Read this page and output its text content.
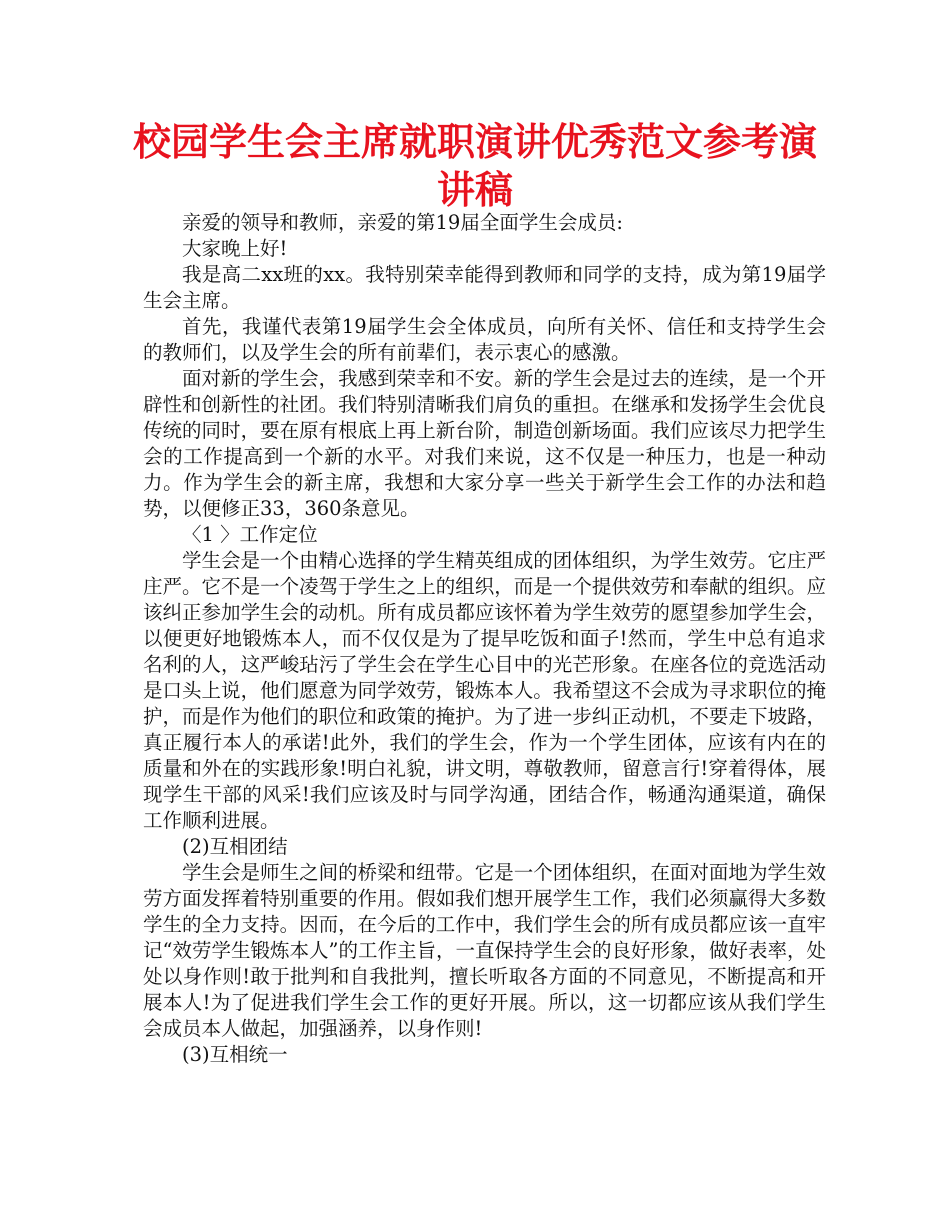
校园学生会主席就职演讲优秀范文参考演讲稿

亲爱的领导和教师，亲爱的第19届全面学生会成员:

大家晚上好!

我是高二xx班的xx。我特别荣幸能得到教师和同学的支持，成为第19届学生会主席。

首先，我谨代表第19届学生会全体成员，向所有关怀、信任和支持学生会的教师们，以及学生会的所有前辈们，表示衷心的感激。

面对新的学生会，我感到荣幸和不安。新的学生会是过去的连续，是一个开辟性和创新性的社团。我们特别清晰我们肩负的重担。在继承和发扬学生会优良传统的同时，要在原有根底上再上新台阶，制造创新场面。我们应该尽力把学生会的工作提高到一个新的水平。对我们来说，这不仅是一种压力，也是一种动力。作为学生会的新主席，我想和大家分享一些关于新学生会工作的办法和趋势，以便修正33，360条意见。

〈1 〉工作定位

学生会是一个由精心选择的学生精英组成的团体组织，为学生效劳。它庄严庄严。它不是一个凌驾于学生之上的组织，而是一个提供效劳和奉献的组织。应该纠正参加学生会的动机。所有成员都应该怀着为学生效劳的愿望参加学生会，以便更好地锻炼本人，而不仅仅是为了提早吃饭和面子!然而，学生中总有追求名利的人，这严峻玷污了学生会在学生心目中的光芒形象。在座各位的竞选活动是口头上说，他们愿意为同学效劳，锻炼本人。我希望这不会成为寻求职位的掩护，而是作为他们的职位和政策的掩护。为了进一步纠正动机，不要走下坡路，真正履行本人的承诺!此外，我们的学生会，作为一个学生团体，应该有内在的质量和外在的实践形象!明白礼貌，讲文明，尊敬教师，留意言行!穿着得体，展现学生干部的风采!我们应该及时与同学沟通，团结合作，畅通沟通渠道，确保工作顺利进展。

(2)互相团结

学生会是师生之间的桥梁和纽带。它是一个团体组织，在面对面地为学生效劳方面发挥着特别重要的作用。假如我们想开展学生工作，我们必须赢得大多数学生的全力支持。因而，在今后的工作中，我们学生会的所有成员都应该一直牢记“效劳学生锻炼本人”的工作主旨，一直保持学生会的良好形象，做好表率，处处以身作则!敢于批判和自我批判，擅长听取各方面的不同意见，不断提高和开展本人!为了促进我们学生会工作的更好开展。所以，这一切都应该从我们学生会成员本人做起，加强涵养，以身作则!

(3)互相统一
